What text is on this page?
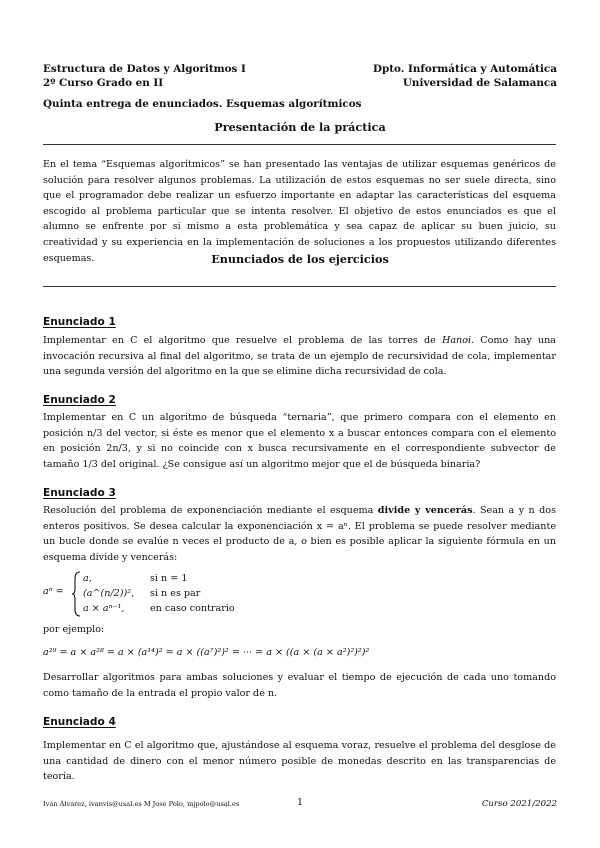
Estructura de Datos y Algoritmos I
2º Curso Grado en II
Dpto. Informática y Automática
Universidad de Salamanca
Quinta entrega de enunciados. Esquemas algorítmicos
Presentación de la práctica
En el tema “Esquemas algorítmicos” se han presentado las ventajas de utilizar esquemas genéricos de solución para resolver algunos problemas. La utilización de estos esquemas no ser suele directa, sino que el programador debe realizar un esfuerzo importante en adaptar las características del esquema escogido al problema particular que se intenta resolver. El objetivo de estos enunciados es que el alumno se enfrente por si mismo a esta problemática y sea capaz de aplicar su buen juicio, su creatividad y su experiencia en la implementación de soluciones a los propuestos utilizando diferentes esquemas.	Enunciados de los ejercicios
Enunciado 1
Implementar en C el algoritmo que resuelve el problema de las torres de Hanoi. Como hay una invocación recursiva al final del algoritmo, se trata de un ejemplo de recursividad de cola, implementar una segunda versión del algoritmo en la que se elimine dicha recursividad de cola.
Enunciado 2
Implementar en C un algoritmo de búsqueda “ternaria”, que primero compara con el elemento en posición n/3 del vector, si éste es menor que el elemento x a buscar entonces compara con el elemento en posición 2n/3, y si no coincide con x busca recursivamente en el correspondiente subvector de tamaño 1/3 del original. ¿Se consigue así un algoritmo mejor que el de búsqueda binaria?
Enunciado 3
Resolución del problema de exponenciación mediante el esquema divide y vencerás. Sean a y n dos enteros positivos. Se desea calcular la exponenciación x = aⁿ. El problema se puede resolver mediante un bucle donde se evalúe n veces el producto de a, o bien es posible aplicar la siguiente fórmula en un esquema divide y vencerás:
aⁿ =
a,	si n = 1
(a^(n/2))², si n es par
a × aⁿ⁻¹,	en caso contrario
por ejemplo:
a²⁹ = a × a²⁸ = a × (a¹⁴)² = a × ((a⁷)²)² = ··· = a × ((a × (a × a²)²)²)²
Desarrollar algoritmos para ambas soluciones y evaluar el tiempo de ejecución de cada uno tomando como tamaño de la entrada el propio valor de n.
Enunciado 4
Implementar en C el algoritmo que, ajustándose al esquema voraz, resuelve el problema del desglose de una cantidad de dinero con el menor número posible de monedas descrito en las transparencias de teoría.
Iván Álvarez, ivanvis@usal.es M José Polo, mjpolo@usal.es	1	Curso 2021/2022
